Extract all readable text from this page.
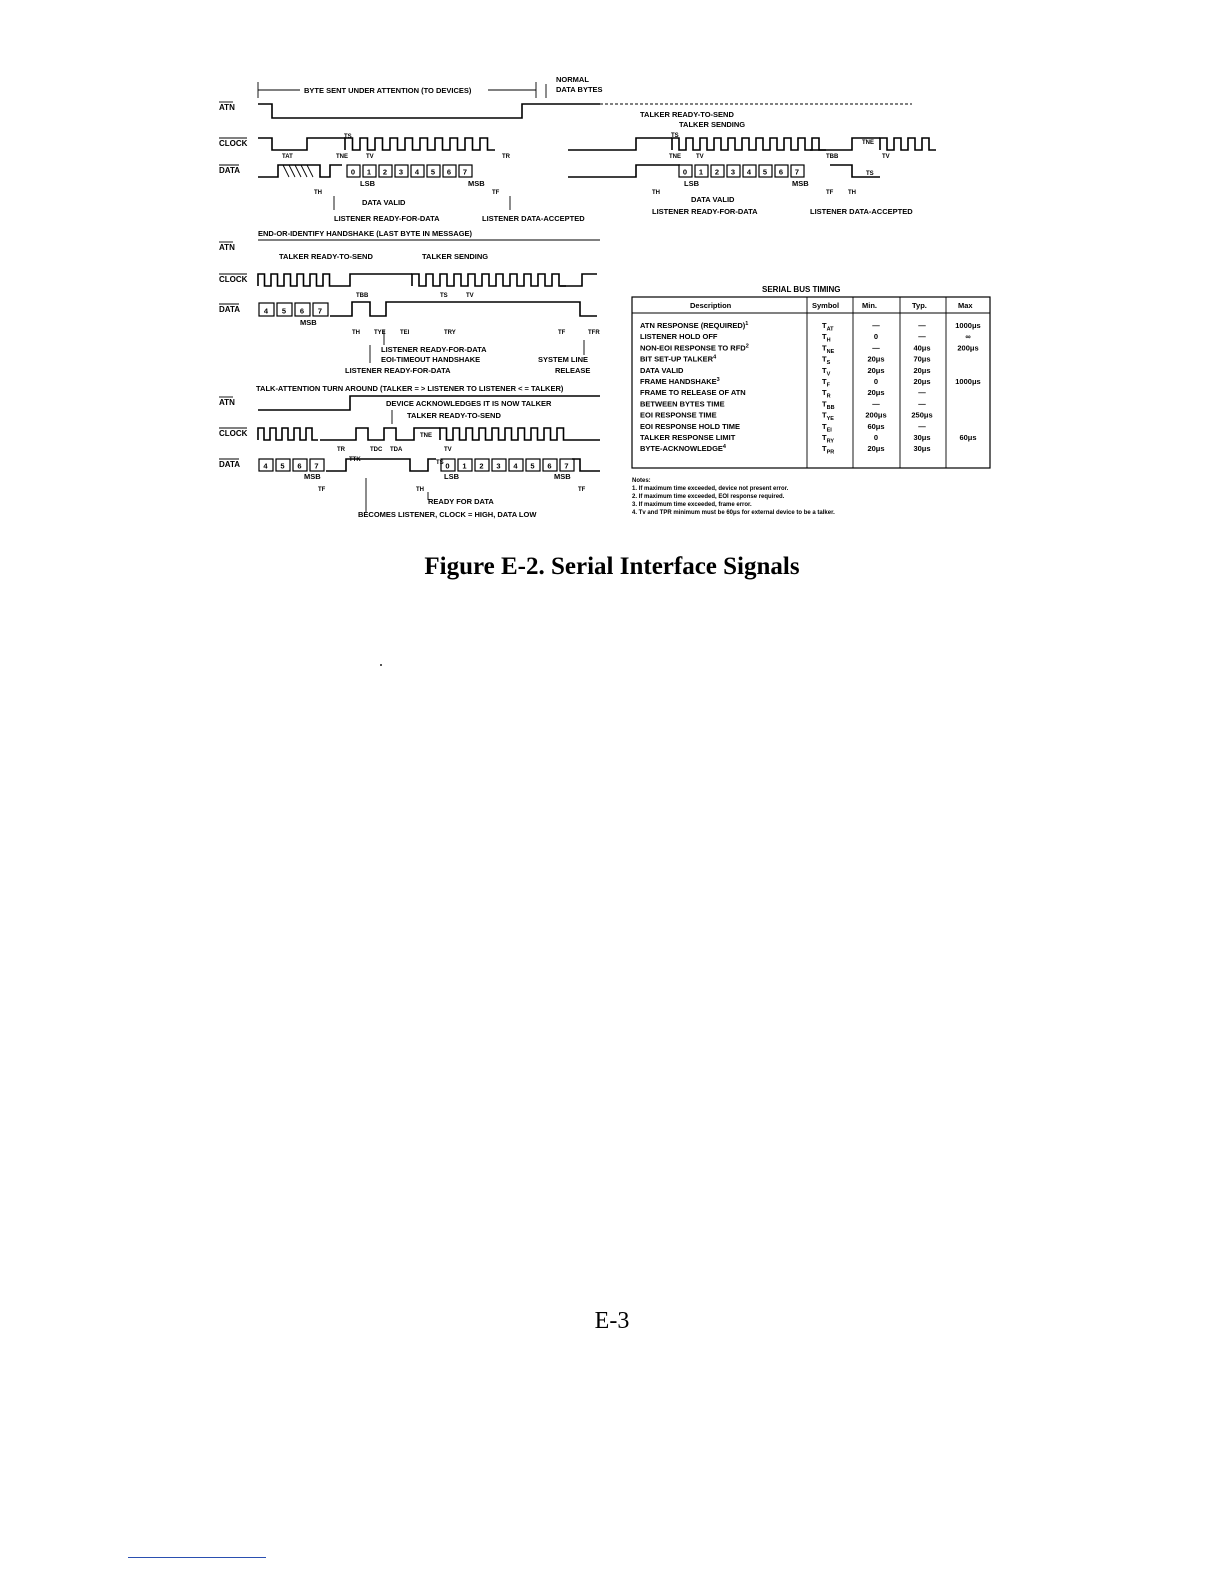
BYTE SENT UNDER ATTENTION (TO DEVICES)
NORMAL
DATA BYTES
ATN
CLOCK
DATA	0 1 2 3 4 5 6 7
TAT	TNE	TV
TS
TR
TH	TF
LSB	MSB
DATA VALID
LISTENER READY-FOR-DATA	LISTENER DATA-ACCEPTED
TALKER READY-TO-SEND
TALKER SENDING
0 1 2 3 4 5 6 7
TS
TNE	TV	TBB	TV
TNE
TH	TF TH
TS
LSB	MSB
DATA VALID
LISTENER READY-FOR-DATA	LISTENER DATA-ACCEPTED
END-OR-IDENTIFY HANDSHAKE (LAST BYTE IN MESSAGE)
ATN
TALKER READY-TO-SEND	TALKER SENDING
CLOCK
DATA	4 5 6 7
MSB
TBB	TS	TV
TH TYE TEI	TRY	TF	TFR
LISTENER READY-FOR-DATA
EOI-TIMEOUT HANDSHAKE	SYSTEM LINE
LISTENER READY-FOR-DATA	RELEASE
TALK-ATTENTION TURN AROUND (TALKER = > LISTENER TO LISTENER < = TALKER)
ATN	DEVICE ACKNOWLEDGES IT IS NOW TALKER
TALKER READY-TO-SEND
CLOCK
DATA	4 5 6 7	0 1 2 3 4 5 6 7
TR
TTK
TDC TDA
TNE
TV
TS
MSB
TF
LSB	MSB
TF
TH
READY FOR DATA
BECOMES LISTENER, CLOCK = HIGH, DATA LOW
SERIAL BUS TIMING
Description	Symbol	Min.	Typ.	Max
ATN RESPONSE (REQUIRED)$^1$	$T_{AT}$	—	—	1000μs
LISTENER HOLD OFF	$T_H$	0	—	∞
NON-EOI RESPONSE TO RFD$^2$	$T_{NE}$	—	40μs	200μs
BIT SET-UP TALKER$^4$	$T_S$	20μs	70μs
DATA VALID	$T_V$	20μs	20μs
FRAME HANDSHAKE$^3$	$T_F$	0	20μs	1000μs
FRAME TO RELEASE OF ATN	$T_R$	20μs	—
BETWEEN BYTES TIME	$T_{BB}$	—	—
EOI RESPONSE TIME	$T_{YE}$	200μs	250μs
EOI RESPONSE HOLD TIME	$T_{EI}$	60μs	—
TALKER RESPONSE LIMIT	$T_{RY}$	0	30μs	60μs
BYTE-ACKNOWLEDGE$^4$	$T_{PR}$	20μs	30μs
Notes:
1. If maximum time exceeded, device not present error.
2. If maximum time exceeded, EOI response required.
3. If maximum time exceeded, frame error.
4. Tv and TPR minimum must be 60μs for external device to be a talker.
Figure E-2. Serial Interface Signals
E-3
